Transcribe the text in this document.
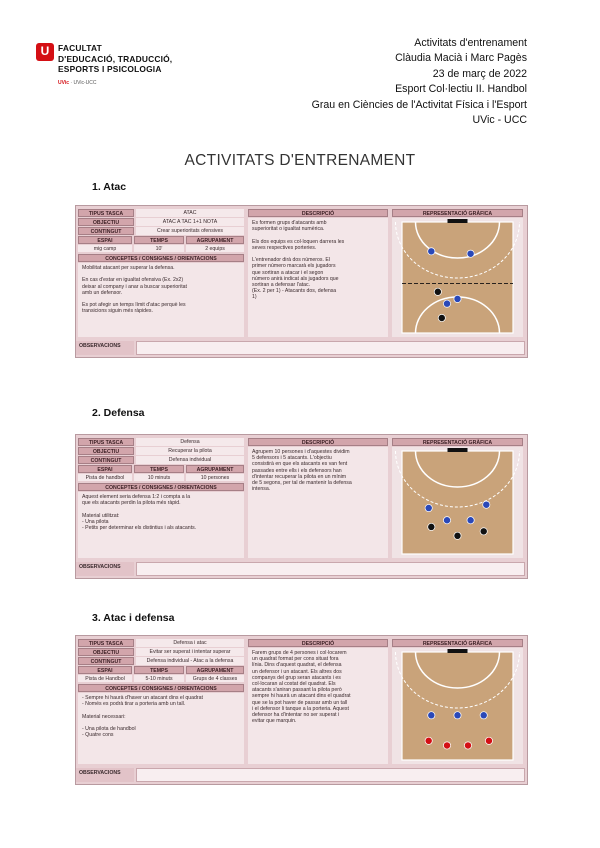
U	FACULTAT
D'EDUCACIÓ, TRADUCCIÓ,
ESPORTS I PSICOLOGIA
UVic · UVic-UCC
Activitats d'entrenament
Clàudia Macià i Marc Pagès
23 de març de 2022
Esport Col·lectiu II. Handbol
Grau en Ciències de l'Activitat Física i l'Esport
UVic - UCC
ACTIVITATS D'ENTRENAMENT
1. Atac
TIPUS TASCA	ATAC
OBJECTIU	ATAC A TAC 1+1 NOTA
CONTINGUT	Crear superioritats ofensives
ESPAI	TEMPS	AGRUPAMENT
mig camp	10'	2 equips
CONCEPTES / CONSIGNES / ORIENTACIONS
Mobilitat atacant per superar la defensa.

En cas d'estar en igualtat ofensiva (Ex. 2x2)
deixar al company i anar a buscar superioritat
amb un defensor.

Es pot afegir un temps límit d'atac perquè les
transicions siguin més ràpides.
DESCRIPCIÓ
Es formen grups d'atacants amb
superioritat o igualtat numèrica.

Els dos equips es col·loquen darrera les
seves respectives porteries.

L'entrenador dirà dos números. El
primer número marcarà els jugadors
que sortiran a atacar i el segon
número anirà indicat als jugadors que
sortiran a defensar l'atac.
(Ex. 2 per 1) - Atacants dos, defensa
1)
REPRESENTACIÓ GRÀFICA
OBSERVACIONS
2. Defensa
TIPUS TASCA	Defensa
OBJECTIU	Recuperar la pilota
CONTINGUT	Defensa individual
ESPAI	TEMPS	AGRUPAMENT
Pista de handbol	10 minuts	10 persones
CONCEPTES / CONSIGNES / ORIENTACIONS
Aquest element seria defensa 1:2 i compta a la
que els atacants perdin la pilota més ràpid.

Material utilitzat:
- Una pilota
- Petits per determinar els distintius i als atacants.
DESCRIPCIÓ
Agrupem 10 persones i d'aquestes dividim
5 defensors i 5 atacants. L'objectiu
consistirà en que els atacants es van fent
passades entre ells i els defensors han
d'intentar recuperar la pilota en un mínim
de 5 segons, per tal de mantenir la defensa
intensa.
REPRESENTACIÓ GRÀFICA
OBSERVACIONS
3. Atac i defensa
TIPUS TASCA	Defensa i atac
OBJECTIU	Evitar ser superat i intentar superar
CONTINGUT	Defensa individual - Atac a la defensa
ESPAI	TEMPS	AGRUPAMENT
Pista de Handbol	5-10 minuts	Grups de 4 classes
CONCEPTES / CONSIGNES / ORIENTACIONS
- Sempre hi haurà d'haver un atacant dins el quadrat
- Només es podrà tirar a porteria amb un tall.

Material necessari:

- Una pilota de handbol
- Quatre cons
DESCRIPCIÓ
Farem grups de 4 persones i col·locarem
un quadrat format per cons situat fora
línia. Dins d'aquest quadrat, el defensa
un defensor i un atacant. Els altres dos
companys del grup seran atacants i es
col·locaran al costat del quadrat. Els
atacants s'aniran passant la pilota però
sempre hi haurà un atacant dins el quadrat
que se la pot haver de passar amb un tall
i el defensor li tanque a la porteria. Aquest
defensor ha d'intentar no ser superat i
evitar que marquin.
REPRESENTACIÓ GRÀFICA
OBSERVACIONS
